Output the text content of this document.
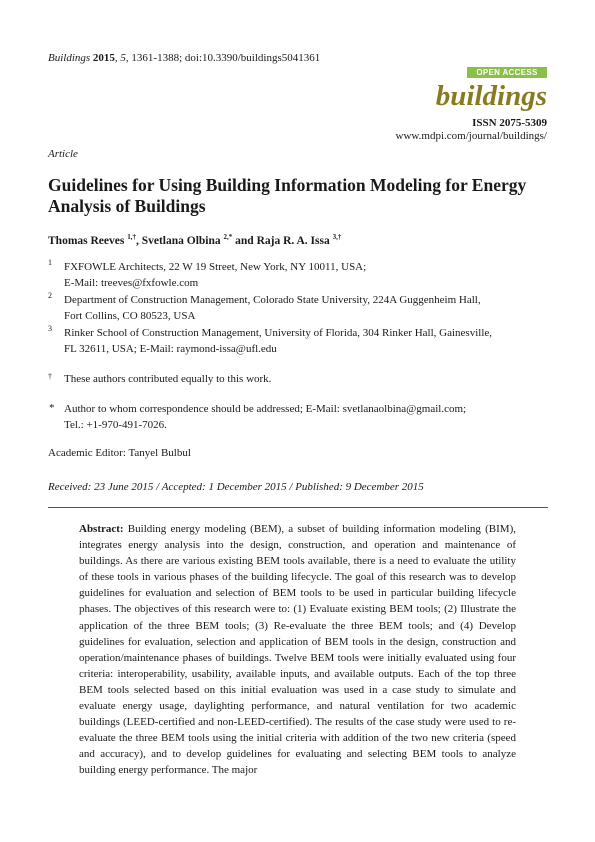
Buildings 2015, 5, 1361-1388; doi:10.3390/buildings5041361
OPEN ACCESS
buildings
ISSN 2075-5309
www.mdpi.com/journal/buildings/
Article
Guidelines for Using Building Information Modeling for Energy Analysis of Buildings
Thomas Reeves $^{1,\dagger}$, Svetlana Olbina $^{2,*}$ and Raja R. A. Issa $^{3,\dagger}$
1 FXFOWLE Architects, 22 W 19 Street, New York, NY 10011, USA;
E-Mail: treeves@fxfowle.com
2 Department of Construction Management, Colorado State University, 224A Guggenheim Hall,
Fort Collins, CO 80523, USA
3 Rinker School of Construction Management, University of Florida, 304 Rinker Hall, Gainesville,
FL 32611, USA; E-Mail: raymond-issa@ufl.edu
† These authors contributed equally to this work.
* Author to whom correspondence should be addressed; E-Mail: svetlanaolbina@gmail.com;
Tel.: +1-970-491-7026.
Academic Editor: Tanyel Bulbul
Received: 23 June 2015 / Accepted: 1 December 2015 / Published: 9 December 2015
Abstract: Building energy modeling (BEM), a subset of building information modeling (BIM), integrates energy analysis into the design, construction, and operation and maintenance of buildings. As there are various existing BEM tools available, there is a need to evaluate the utility of these tools in various phases of the building lifecycle. The goal of this research was to develop guidelines for evaluation and selection of BEM tools to be used in particular building lifecycle phases. The objectives of this research were to: (1) Evaluate existing BEM tools; (2) Illustrate the application of the three BEM tools; (3) Re-evaluate the three BEM tools; and (4) Develop guidelines for evaluation, selection and application of BEM tools in the design, construction and operation/maintenance phases of buildings. Twelve BEM tools were initially evaluated using four criteria: interoperability, usability, available inputs, and available outputs. Each of the top three BEM tools selected based on this initial evaluation was used in a case study to simulate and evaluate energy usage, daylighting performance, and natural ventilation for two academic buildings (LEED-certified and non-LEED-certified). The results of the case study were used to re-evaluate the three BEM tools using the initial criteria with addition of the two new criteria (speed and accuracy), and to develop guidelines for evaluating and selecting BEM tools to analyze building energy performance. The major
